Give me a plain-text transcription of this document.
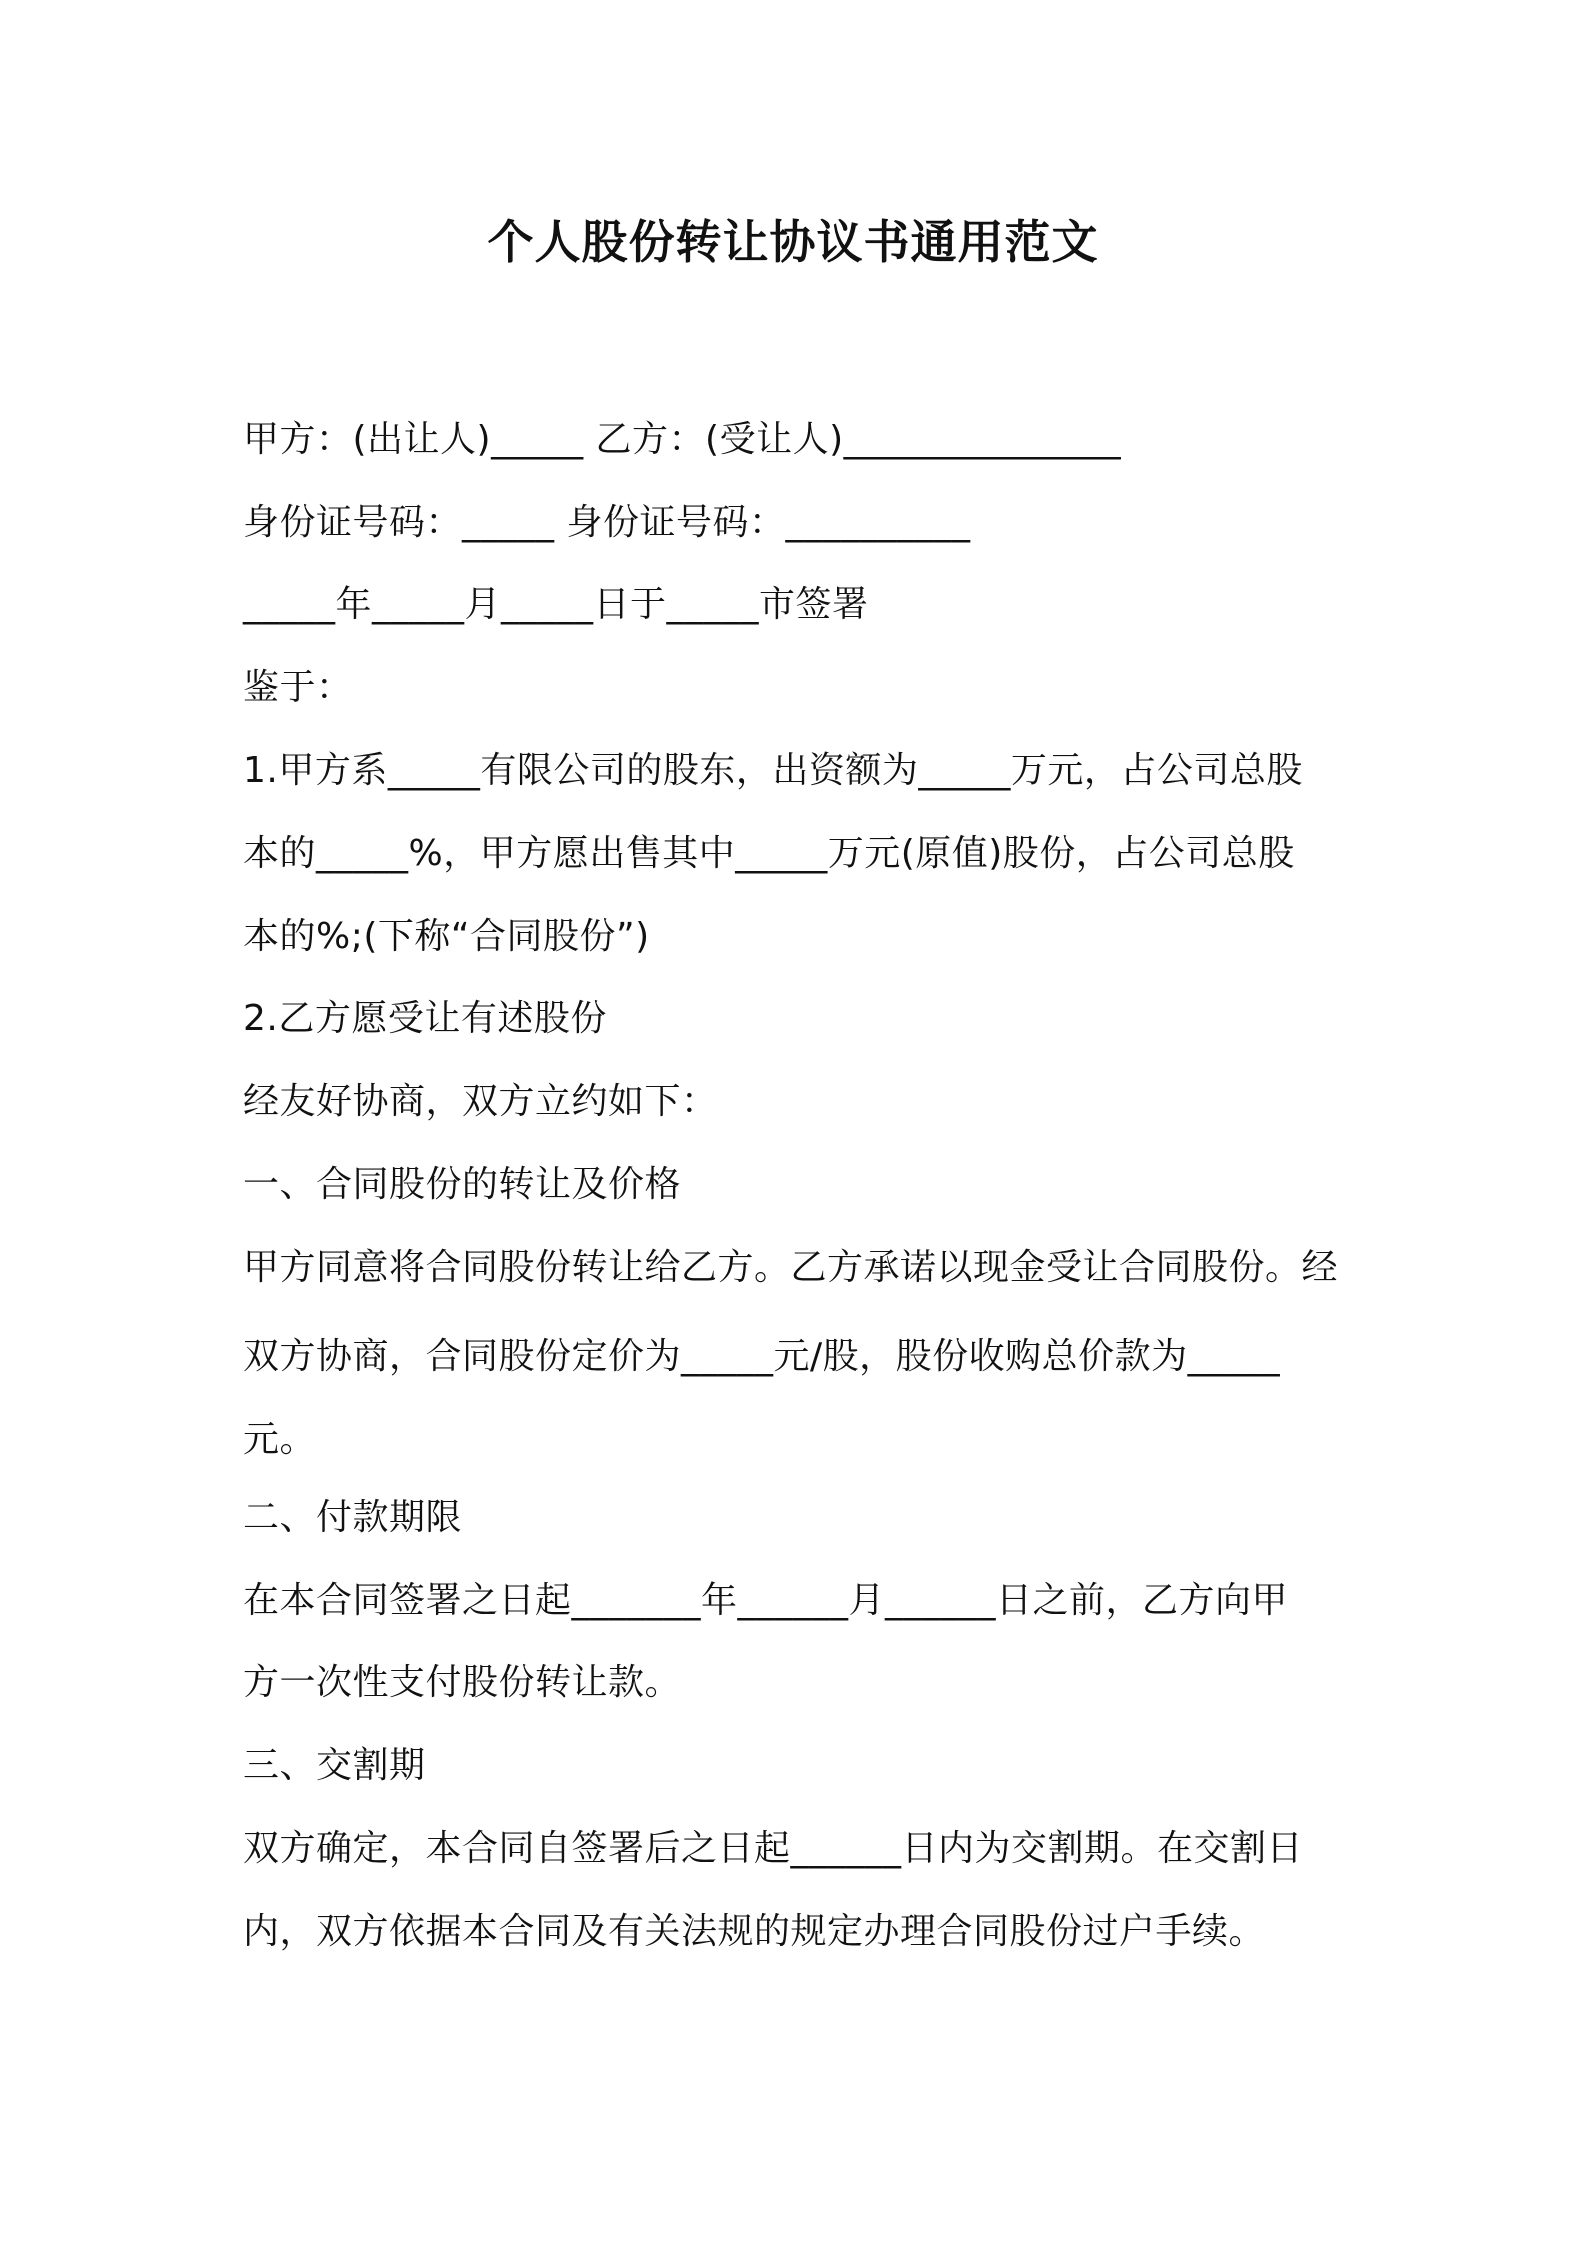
个人股份转让协议书通用范文
甲方：(出让人)_____ 乙方：(受让人)_______________
身份证号码：_____ 身份证号码：__________
_____年_____月_____日于_____市签署
鉴于：
1.甲方系_____有限公司的股东，出资额为_____万元，占公司总股
本的_____%，甲方愿出售其中_____万元(原值)股份，占公司总股
本的%;(下称“合同股份”)
2.乙方愿受让有述股份
经友好协商，双方立约如下：
一、合同股份的转让及价格
甲方同意将合同股份转让给乙方。乙方承诺以现金受让合同股份。经
双方协商，合同股份定价为_____元/股，股份收购总价款为_____
元。
二、付款期限
在本合同签署之日起_______年______月______日之前，乙方向甲
方一次性支付股份转让款。
三、交割期
双方确定，本合同自签署后之日起______日内为交割期。在交割日
内，双方依据本合同及有关法规的规定办理合同股份过户手续。
